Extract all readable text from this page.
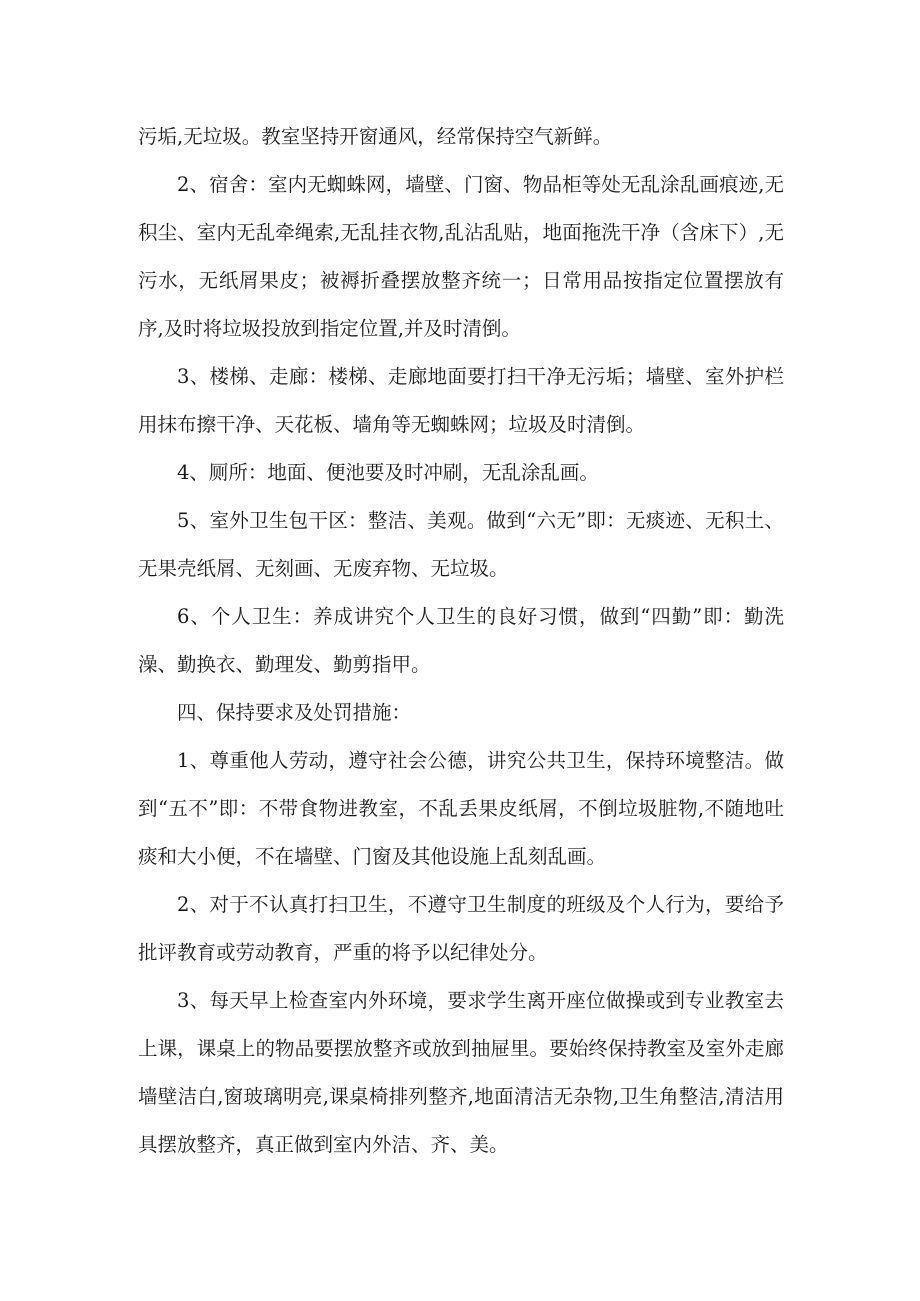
污垢,无垃圾。教室坚持开窗通风，经常保持空气新鲜。

2、宿舍：室内无蜘蛛网，墙壁、门窗、物品柜等处无乱涂乱画痕迹,无积尘、室内无乱牵绳索,无乱挂衣物,乱沾乱贴，地面拖洗干净（含床下）,无污水，无纸屑果皮；被褥折叠摆放整齐统一；日常用品按指定位置摆放有序,及时将垃圾投放到指定位置,并及时清倒。

3、楼梯、走廊：楼梯、走廊地面要打扫干净无污垢；墙壁、室外护栏用抹布擦干净、天花板、墙角等无蜘蛛网；垃圾及时清倒。

4、厕所：地面、便池要及时冲刷，无乱涂乱画。

5、室外卫生包干区：整洁、美观。做到“六无”即：无痰迹、无积土、无果壳纸屑、无刻画、无废弃物、无垃圾。

6、个人卫生：养成讲究个人卫生的良好习惯，做到“四勤”即：勤洗澡、勤换衣、勤理发、勤剪指甲。

四、保持要求及处罚措施：

1、尊重他人劳动，遵守社会公德，讲究公共卫生，保持环境整洁。做到“五不”即：不带食物进教室，不乱丢果皮纸屑，不倒垃圾脏物,不随地吐痰和大小便，不在墙壁、门窗及其他设施上乱刻乱画。

2、对于不认真打扫卫生，不遵守卫生制度的班级及个人行为，要给予批评教育或劳动教育，严重的将予以纪律处分。

3、每天早上检查室内外环境，要求学生离开座位做操或到专业教室去上课，课桌上的物品要摆放整齐或放到抽屉里。要始终保持教室及室外走廊墙壁洁白,窗玻璃明亮,课桌椅排列整齐,地面清洁无杂物,卫生角整洁,清洁用具摆放整齐，真正做到室内外洁、齐、美。
